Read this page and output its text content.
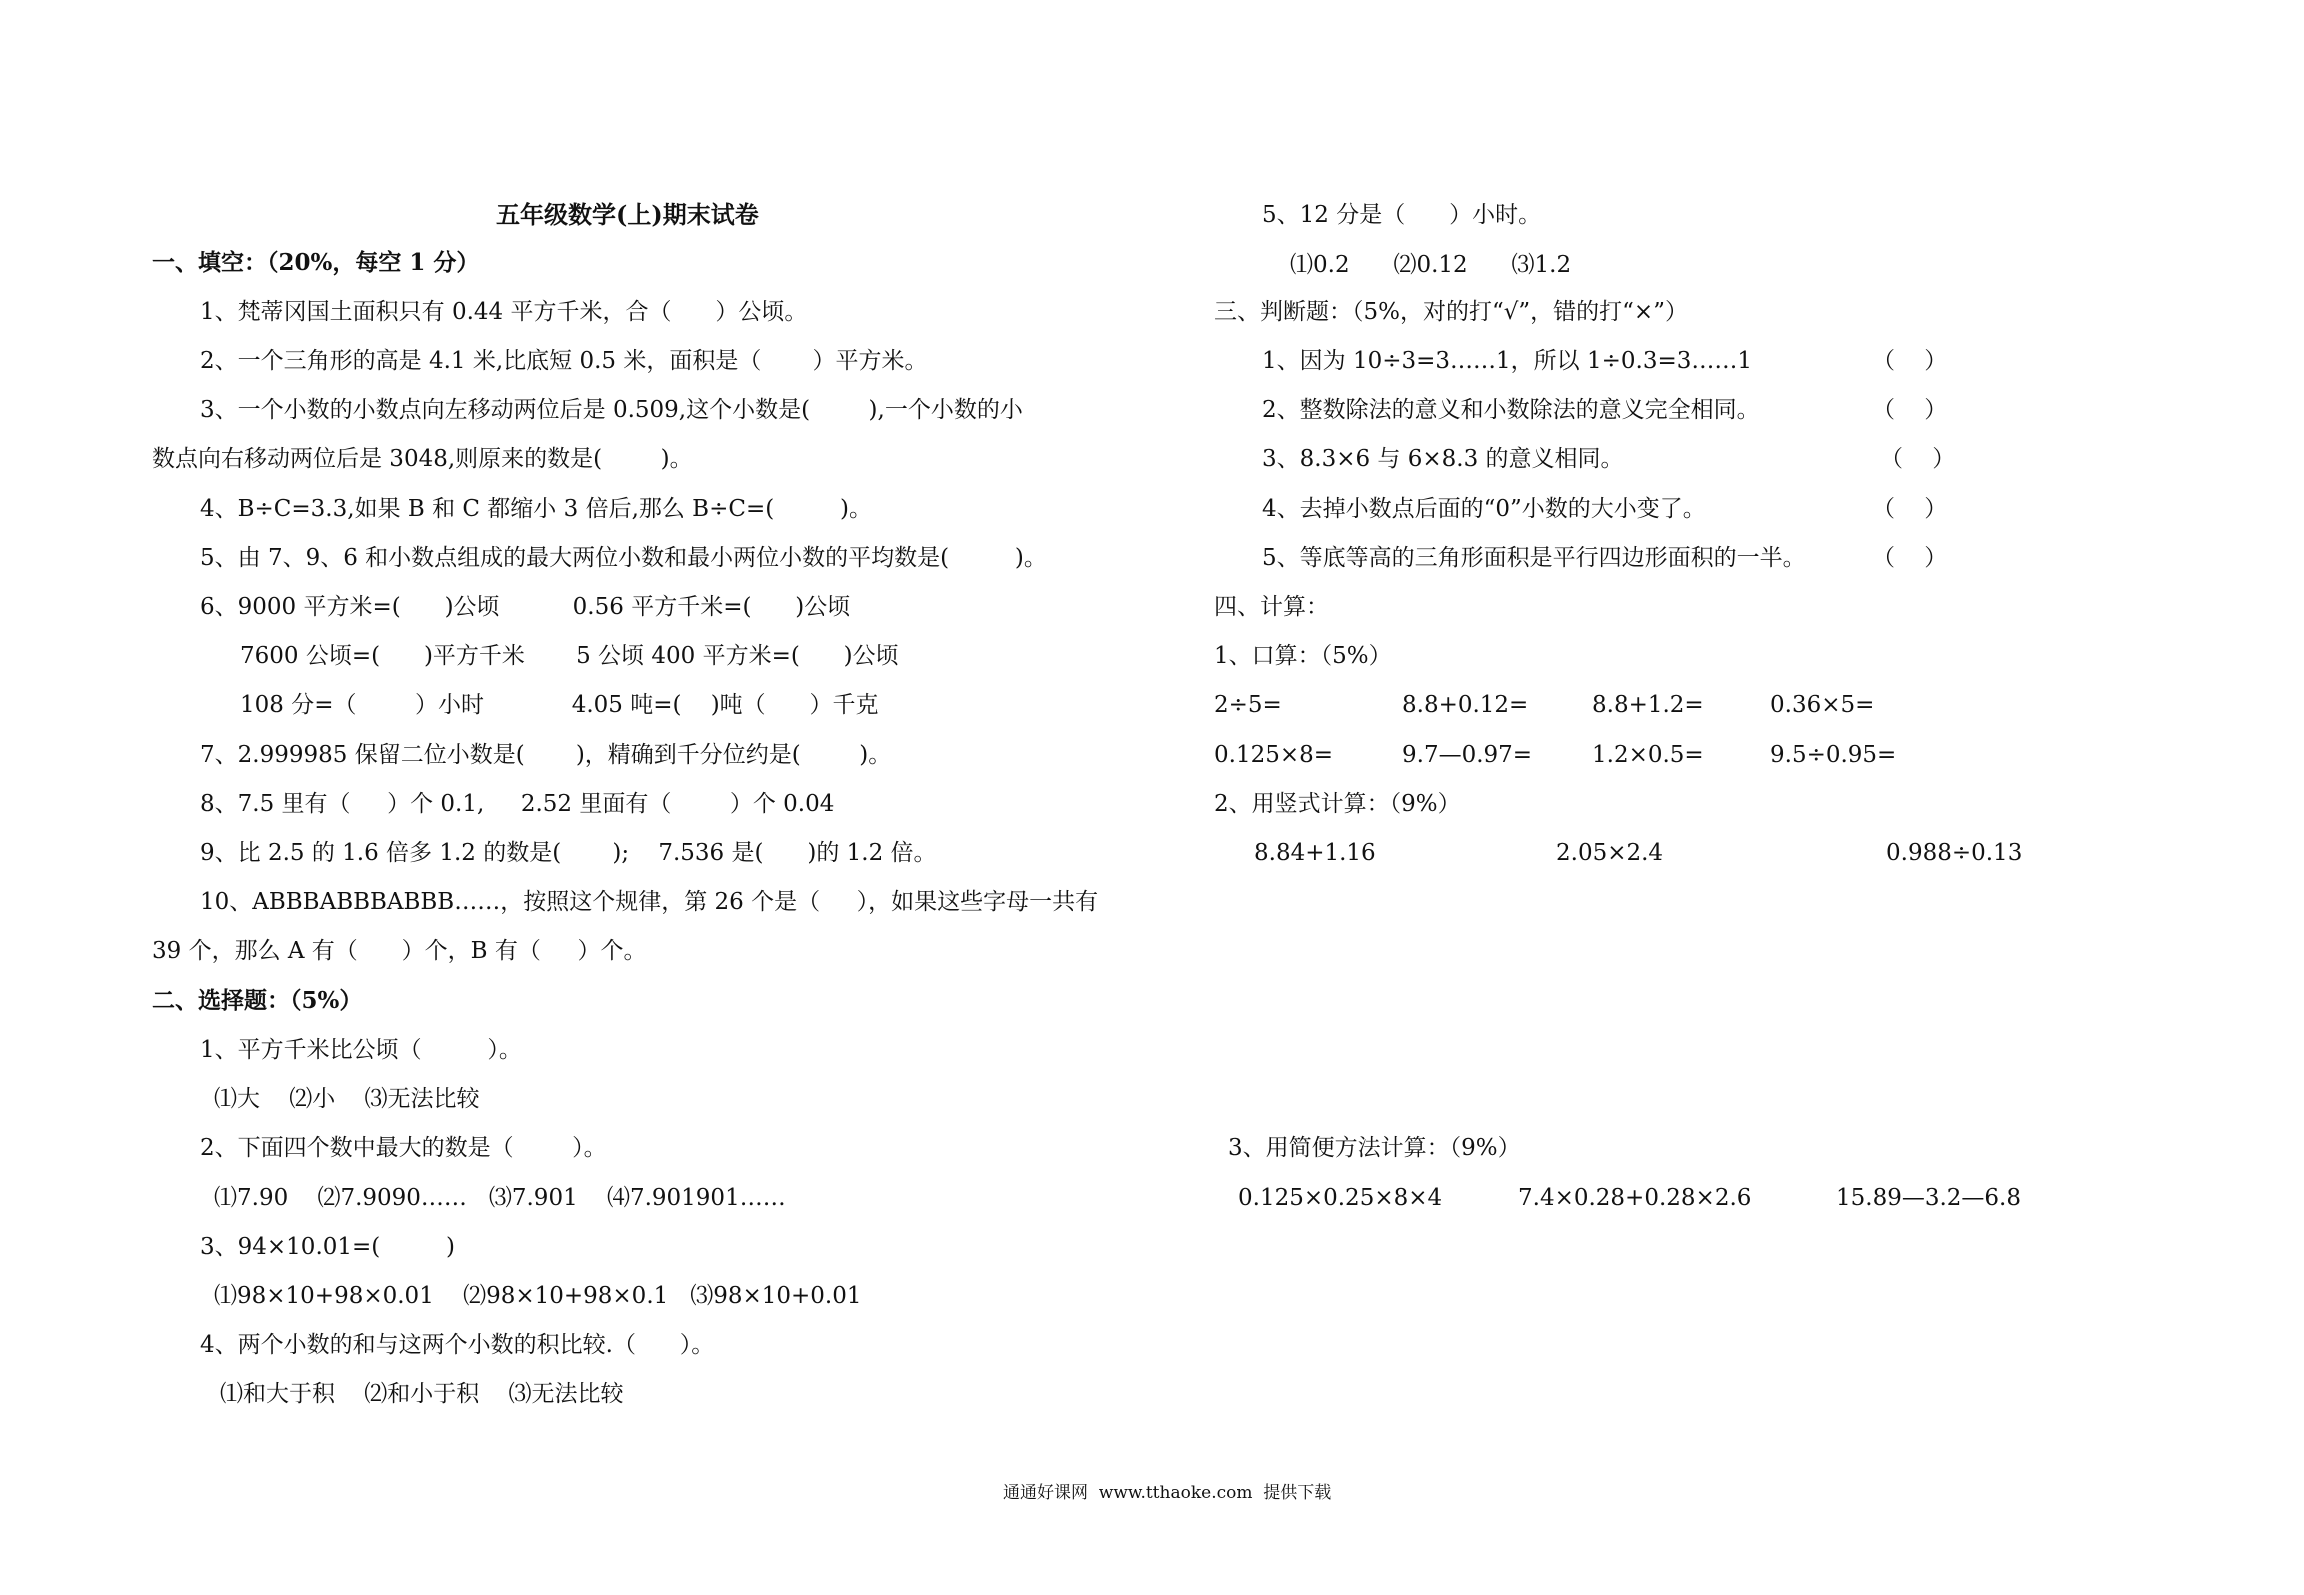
五年级数学(上)期末试卷
一、填空：（20%，每空 1 分）
1、梵蒂冈国土面积只有 0.44 平方千米，合（      ）公顷。
2、一个三角形的高是 4.1 米,比底短 0.5 米，面积是（       ）平方米。
3、一个小数的小数点向左移动两位后是 0.509,这个小数是(        ),一个小数的小
数点向右移动两位后是 3048,则原来的数是(        )。
4、B÷C=3.3,如果 B 和 C 都缩小 3 倍后,那么 B÷C=(         )。
5、由 7、9、6 和小数点组成的最大两位小数和最小两位小数的平均数是(         )。
6、9000 平方米=(      )公顷          0.56 平方千米=(      )公顷
7600 公顷=(      )平方千米       5 公顷 400 平方米=(      )公顷
108 分=（        ）小时            4.05 吨=(    )吨（      ）千克
7、2.999985 保留二位小数是(       )，精确到千分位约是(        )。
8、7.5 里有（     ）个 0.1,     2.52 里面有（        ）个 0.04
9、比 2.5 的 1.6 倍多 1.2 的数是(       );    7.536 是(      )的 1.2 倍。
10、ABBBABBBABBB……，按照这个规律，第 26 个是（     ），如果这些字母一共有
39 个，那么 A 有（      ）个，B 有（     ）个。
二、选择题：（5%）
1、平方千米比公顷（         ）。
⑴大    ⑵小    ⑶无法比较
2、下面四个数中最大的数是（        ）。
⑴7.90    ⑵7.9090……   ⑶7.901    ⑷7.901901……
3、94×10.01=(         )
⑴98×10+98×0.01    ⑵98×10+98×0.1   ⑶98×10+0.01
4、两个小数的和与这两个小数的积比较.（      ）。
⑴和大于积    ⑵和小于积    ⑶无法比较
5、12 分是（      ）小时。
⑴0.2      ⑵0.12      ⑶1.2
三、判断题：（5%，对的打“√”，错的打“×”）
1、因为 10÷3=3……1，所以 1÷0.3=3……1	（    ）
2、整数除法的意义和小数除法的意义完全相同。	（    ）
3、8.3×6 与 6×8.3 的意义相同。	（    ）
4、去掉小数点后面的“0”小数的大小变了。	（    ）
5、等底等高的三角形面积是平行四边形面积的一半。	（    ）
四、计算：
1、口算：（5%）
2÷5=	8.8+0.12=	8.8+1.2=	0.36×5=
0.125×8=	9.7—0.97=	1.2×0.5=	9.5÷0.95=
2、用竖式计算：（9%）
8.84+1.16	2.05×2.4	0.988÷0.13
3、用简便方法计算：（9%）
0.125×0.25×8×4	7.4×0.28+0.28×2.6	15.89—3.2—6.8
通通好课网  www.tthaoke.com  提供下载
